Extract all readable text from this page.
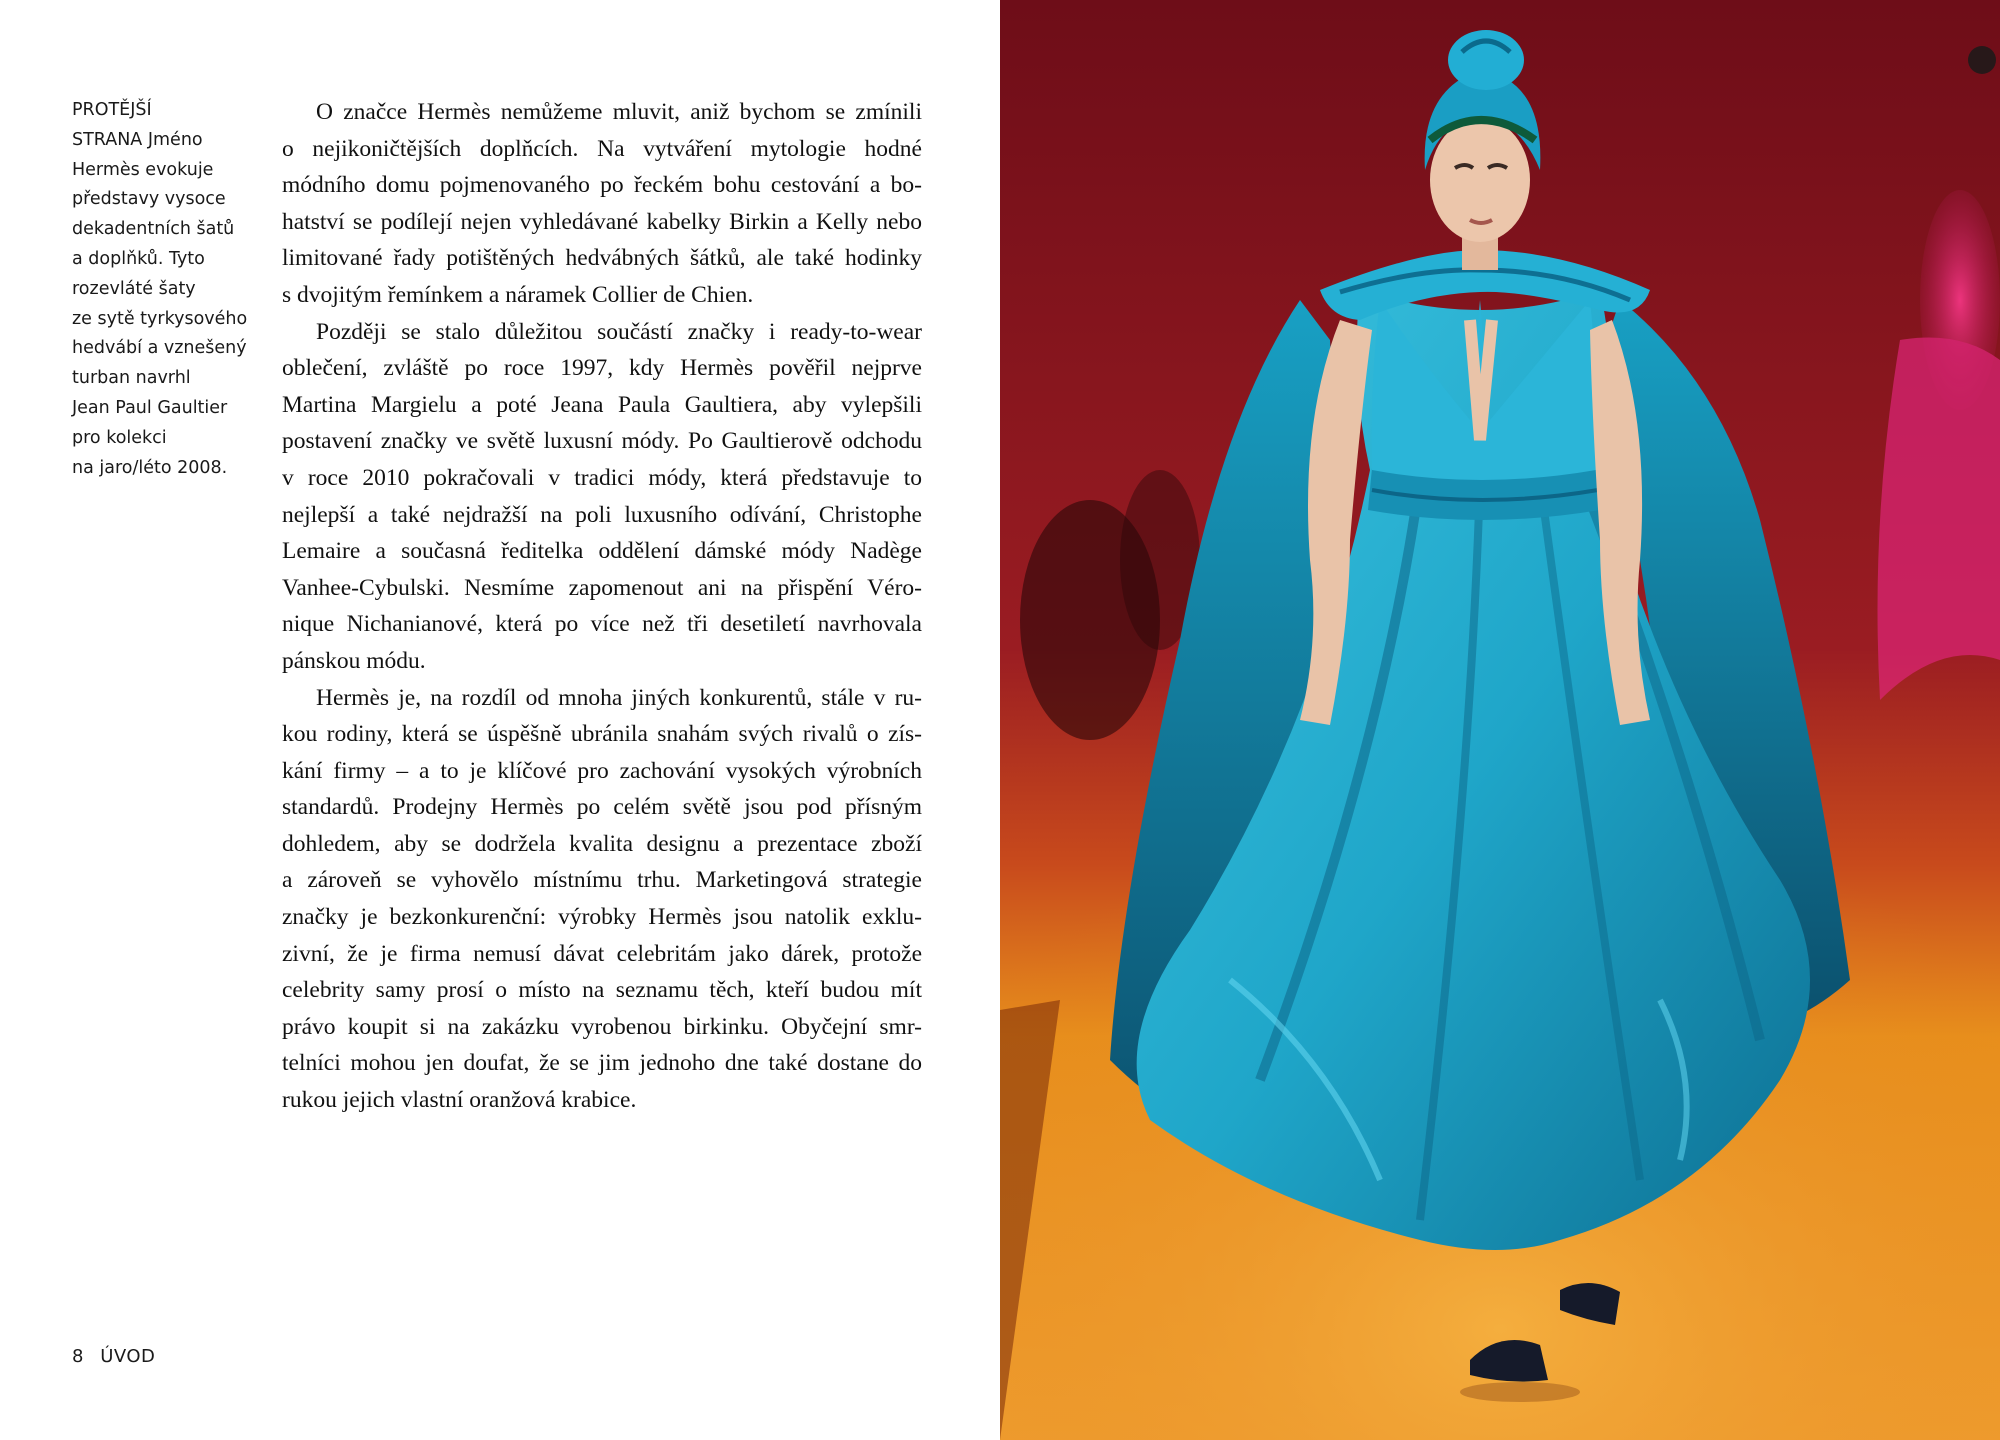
PROTĚJŠÍ
STRANA Jméno
Hermès evokuje
představy vysoce
dekadentních šatů
a doplňků. Tyto
rozevláté šaty
ze sytě tyrkysového
hedvábí a vznešený
turban navrhl
Jean Paul Gaultier
pro kolekci
na jaro/léto 2008.
O značce Hermès nemůžeme mluvit, aniž bychom se zmínili
o nejikoničtějších doplňcích. Na vytváření mytologie hodné
módního domu pojmenovaného po řeckém bohu cestování a bo-
hatství se podílejí nejen vyhledávané kabelky Birkin a Kelly nebo
limitované řady potištěných hedvábných šátků, ale také hodinky
s dvojitým řemínkem a náramek Collier de Chien.
Později se stalo důležitou součástí značky i ready-to-wear
oblečení, zvláště po roce 1997, kdy Hermès pověřil nejprve
Martina Margielu a poté Jeana Paula Gaultiera, aby vylepšili
postavení značky ve světě luxusní módy. Po Gaultierově odchodu
v roce 2010 pokračovali v tradici módy, která představuje to
nejlepší a také nejdražší na poli luxusního odívání, Christophe
Lemaire a současná ředitelka oddělení dámské módy Nadège
Vanhee-Cybulski. Nesmíme zapomenout ani na přispění Véro-
nique Nichanianové, která po více než tři desetiletí navrhovala
pánskou módu.
Hermès je, na rozdíl od mnoha jiných konkurentů, stále v ru-
kou rodiny, která se úspěšně ubránila snahám svých rivalů o zís-
kání firmy – a to je klíčové pro zachování vysokých výrobních
standardů. Prodejny Hermès po celém světě jsou pod přísným
dohledem, aby se dodržela kvalita designu a prezentace zboží
a zároveň se vyhovělo místnímu trhu. Marketingová strategie
značky je bezkonkurenční: výrobky Hermès jsou natolik exklu-
zivní, že je firma nemusí dávat celebritám jako dárek, protože
celebrity samy prosí o místo na seznamu těch, kteří budou mít
právo koupit si na zakázku vyrobenou birkinku. Obyčejní smr-
telníci mohou jen doufat, že se jim jednoho dne také dostane do
rukou jejich vlastní oranžová krabice.
8 ÚVOD
